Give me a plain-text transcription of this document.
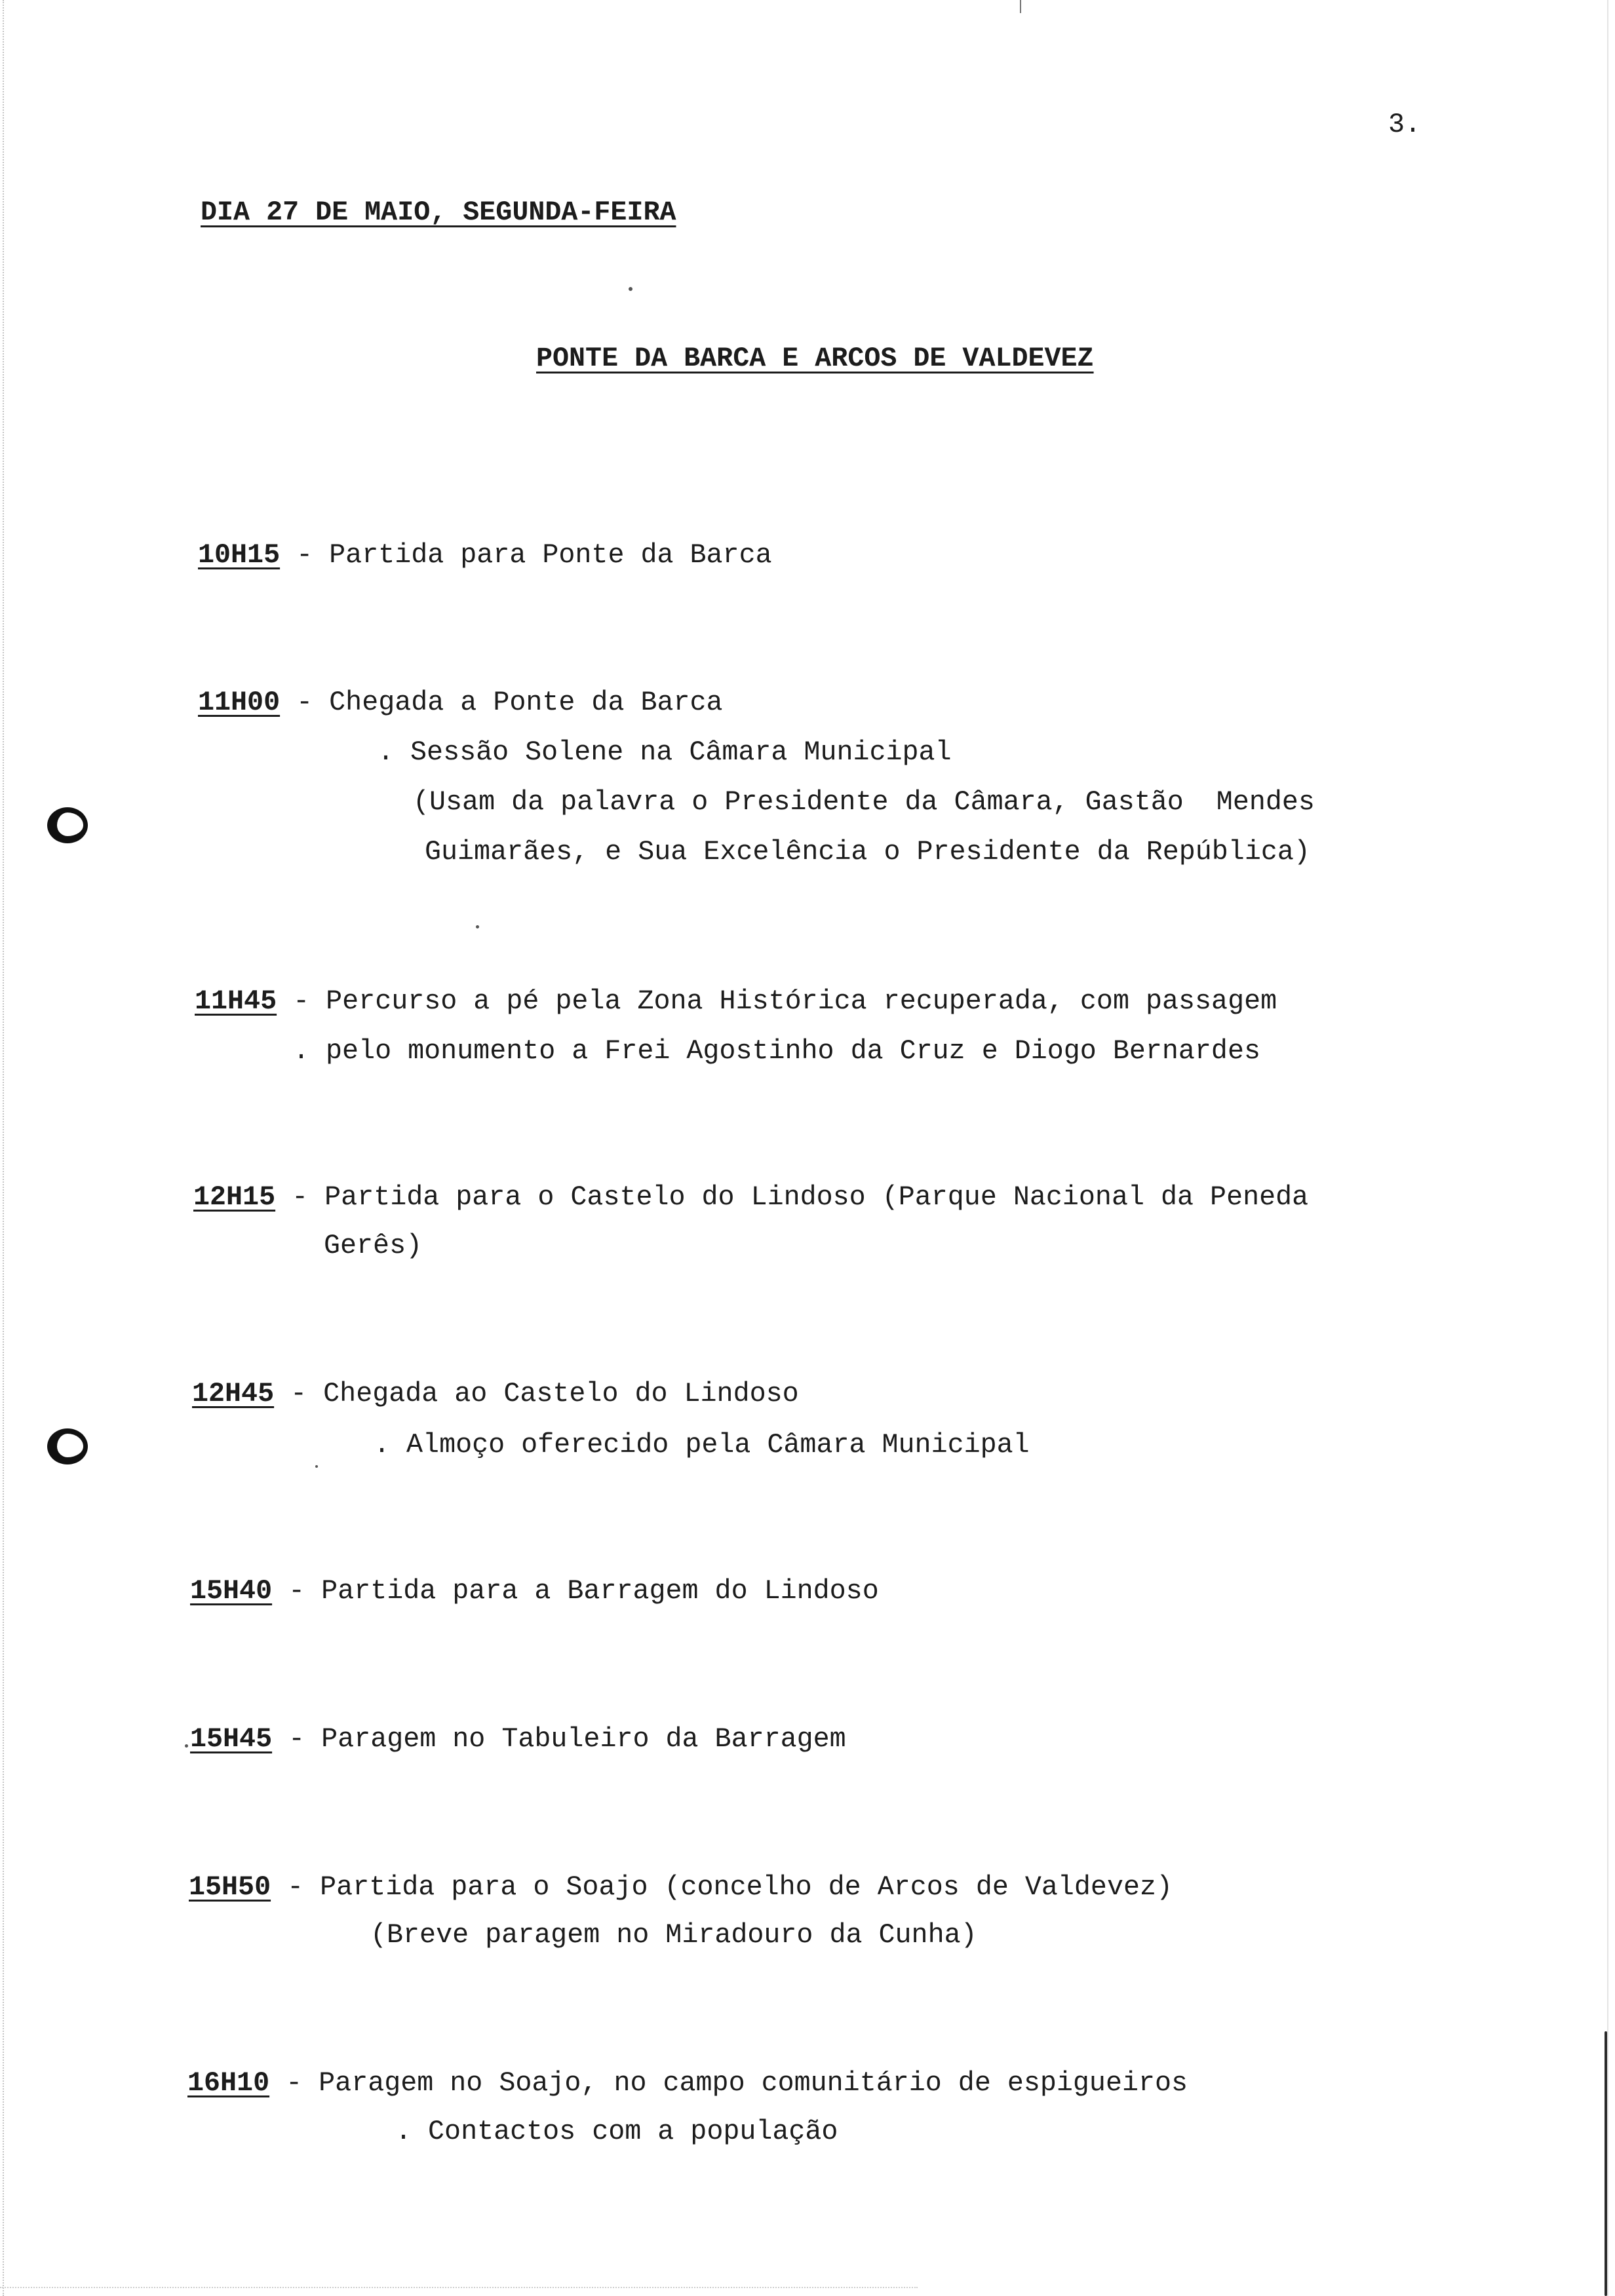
3.
DIA 27 DE MAIO, SEGUNDA-FEIRA
PONTE DA BARCA E ARCOS DE VALDEVEZ
10H15 - Partida para Ponte da Barca
11H00 - Chegada a Ponte da Barca
. Sessão Solene na Câmara Municipal
(Usam da palavra o Presidente da Câmara, Gastão  Mendes
Guimarães, e Sua Excelência o Presidente da República)
11H45 - Percurso a pé pela Zona Histórica recuperada, com passagem
. pelo monumento a Frei Agostinho da Cruz e Diogo Bernardes
12H15 - Partida para o Castelo do Lindoso (Parque Nacional da Peneda
Gerês)
12H45 - Chegada ao Castelo do Lindoso
. Almoço oferecido pela Câmara Municipal
15H40 - Partida para a Barragem do Lindoso
15H45 - Paragem no Tabuleiro da Barragem
15H50 - Partida para o Soajo (concelho de Arcos de Valdevez)
(Breve paragem no Miradouro da Cunha)
16H10 - Paragem no Soajo, no campo comunitário de espigueiros
. Contactos com a população
